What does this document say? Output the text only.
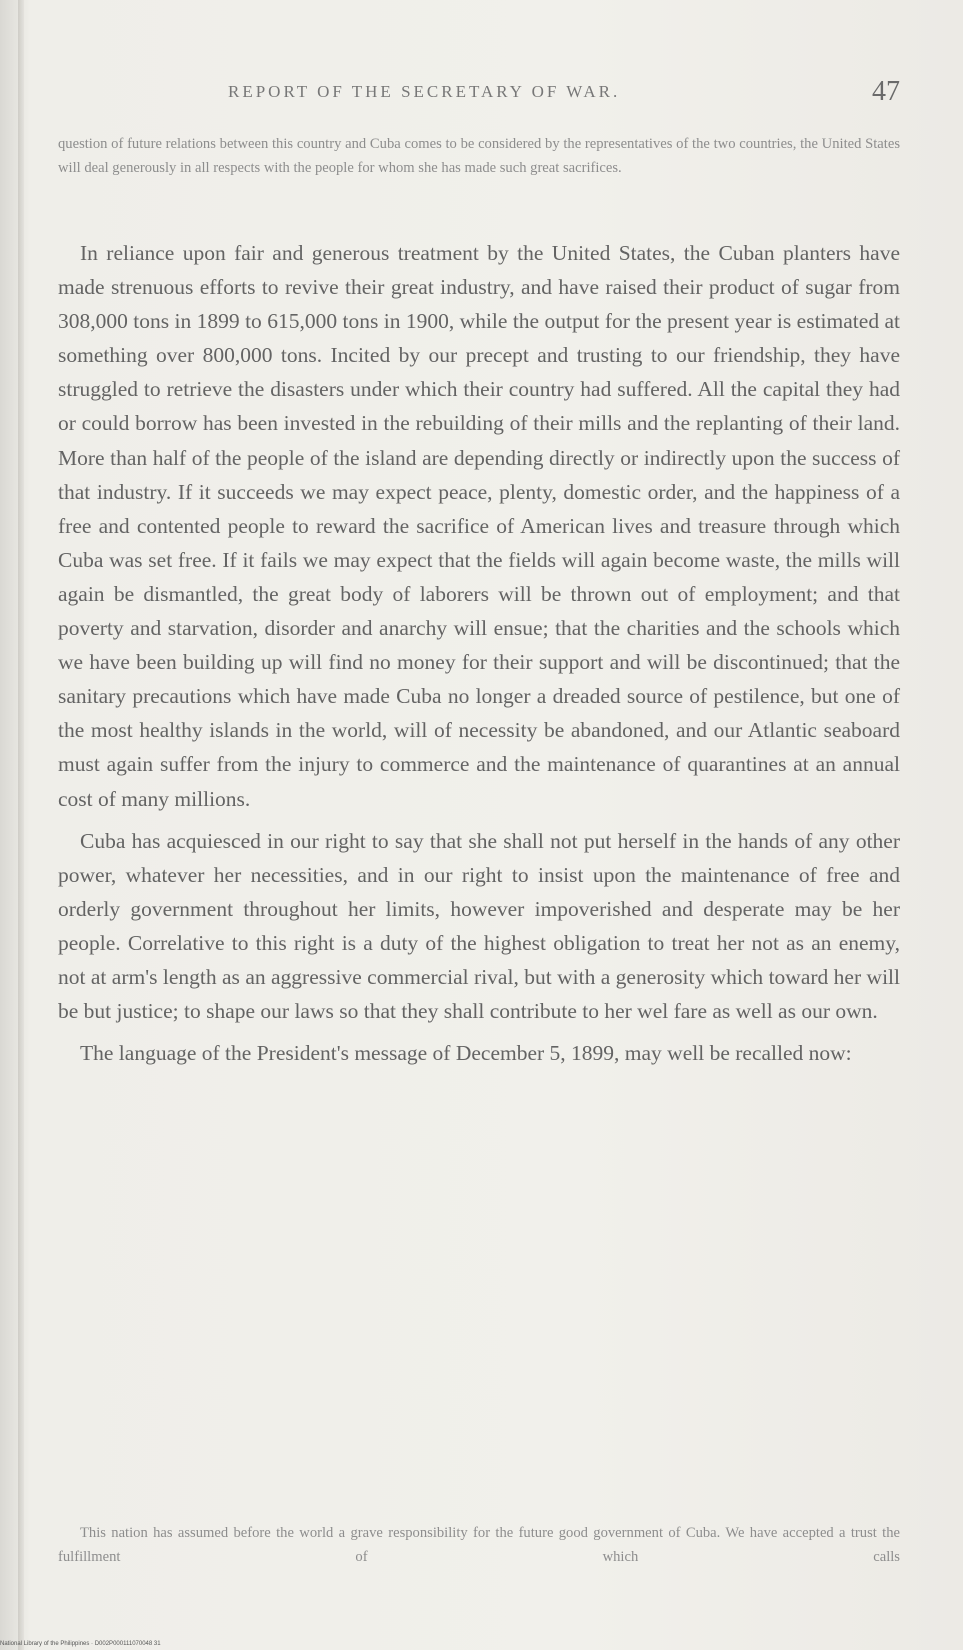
REPORT OF THE SECRETARY OF WAR.	47

question of future relations between this country and Cuba comes to be considered by the representatives of the two countries, the United States will deal generously in all respects with the people for whom she has made such great sacrifices.

In reliance upon fair and generous treatment by the United States, the Cuban planters have made strenuous efforts to revive their great industry, and have raised their product of sugar from 308,000 tons in 1899 to 615,000 tons in 1900, while the output for the present year is estimated at something over 800,000 tons. Incited by our precept and trusting to our friendship, they have struggled to retrieve the disasters under which their country had suffered. All the capital they had or could borrow has been invested in the rebuilding of their mills and the replanting of their land. More than half of the people of the island are depending directly or indirectly upon the success of that industry. If it succeeds we may expect peace, plenty, domestic order, and the happiness of a free and contented people to reward the sacrifice of American lives and treasure through which Cuba was set free. If it fails we may expect that the fields will again become waste, the mills will again be dismantled, the great body of laborers will be thrown out of employment; and that poverty and starvation, disorder and anarchy will ensue; that the charities and the schools which we have been building up will find no money for their support and will be discontinued; that the sanitary precautions which have made Cuba no longer a dreaded source of pestilence, but one of the most healthy islands in the world, will of necessity be abandoned, and our Atlantic seaboard must again suffer from the injury to commerce and the maintenance of quarantines at an annual cost of many millions.

Cuba has acquiesced in our right to say that she shall not put herself in the hands of any other power, whatever her necessities, and in our right to insist upon the maintenance of free and orderly government throughout her limits, however impoverished and desperate may be her people. Correlative to this right is a duty of the highest obligation to treat her not as an enemy, not at arm's length as an aggressive commercial rival, but with a generosity which toward her will be but justice; to shape our laws so that they shall contribute to her wel fare as well as our own.

The language of the President's message of December 5, 1899, may well be recalled now:

This nation has assumed before the world a grave responsibility for the future good government of Cuba. We have accepted a trust the fulfillment of which calls

National Library of the Philippines · D002P000111070048 31
